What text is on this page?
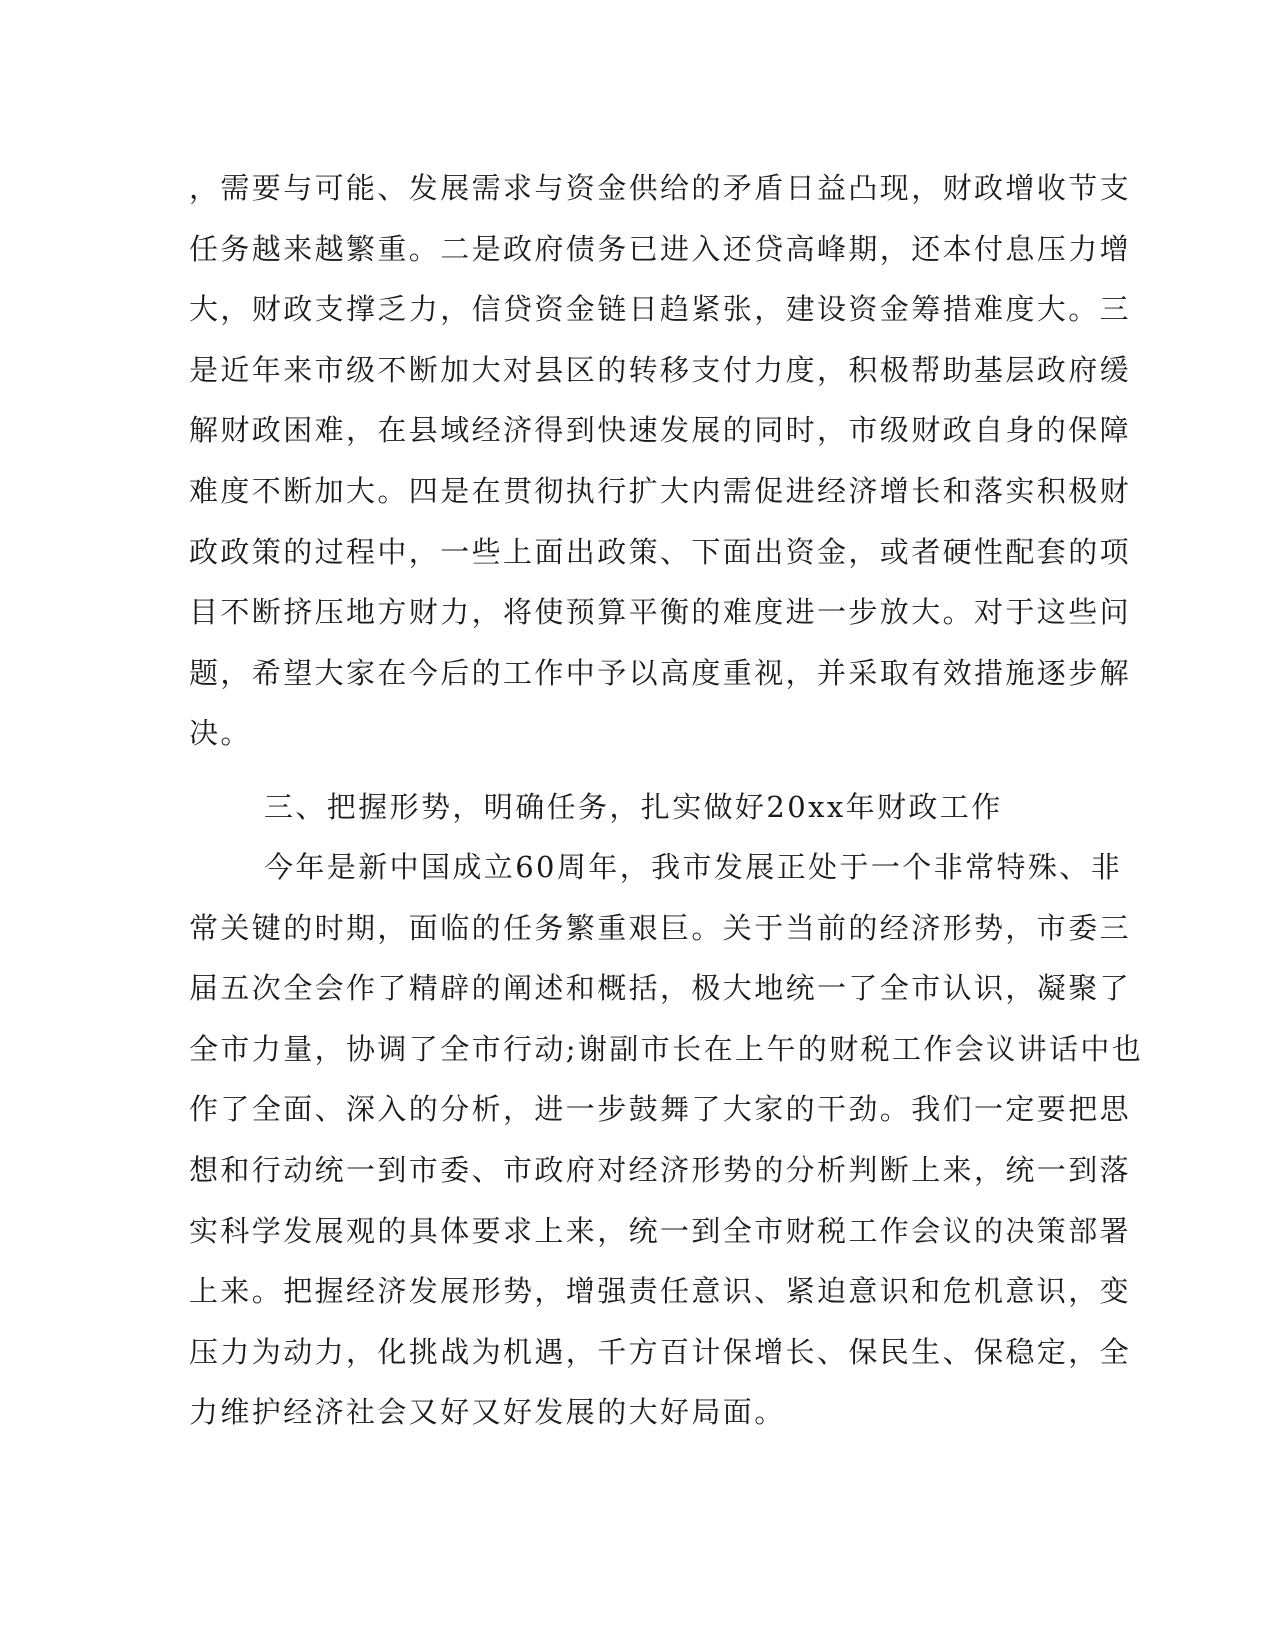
，需要与可能、发展需求与资金供给的矛盾日益凸现，财政增收节支
任务越来越繁重。二是政府债务已进入还贷高峰期，还本付息压力增
大，财政支撑乏力，信贷资金链日趋紧张，建设资金筹措难度大。三
是近年来市级不断加大对县区的转移支付力度，积极帮助基层政府缓
解财政困难，在县域经济得到快速发展的同时，市级财政自身的保障
难度不断加大。四是在贯彻执行扩大内需促进经济增长和落实积极财
政政策的过程中，一些上面出政策、下面出资金，或者硬性配套的项
目不断挤压地方财力，将使预算平衡的难度进一步放大。对于这些问
题，希望大家在今后的工作中予以高度重视，并采取有效措施逐步解
决。
三、把握形势，明确任务，扎实做好20xx年财政工作
今年是新中国成立60周年，我市发展正处于一个非常特殊、非
常关键的时期，面临的任务繁重艰巨。关于当前的经济形势，市委三
届五次全会作了精辟的阐述和概括，极大地统一了全市认识，凝聚了
全市力量，协调了全市行动;谢副市长在上午的财税工作会议讲话中也
作了全面、深入的分析，进一步鼓舞了大家的干劲。我们一定要把思
想和行动统一到市委、市政府对经济形势的分析判断上来，统一到落
实科学发展观的具体要求上来，统一到全市财税工作会议的决策部署
上来。把握经济发展形势，增强责任意识、紧迫意识和危机意识，变
压力为动力，化挑战为机遇，千方百计保增长、保民生、保稳定，全
力维护经济社会又好又好发展的大好局面。
